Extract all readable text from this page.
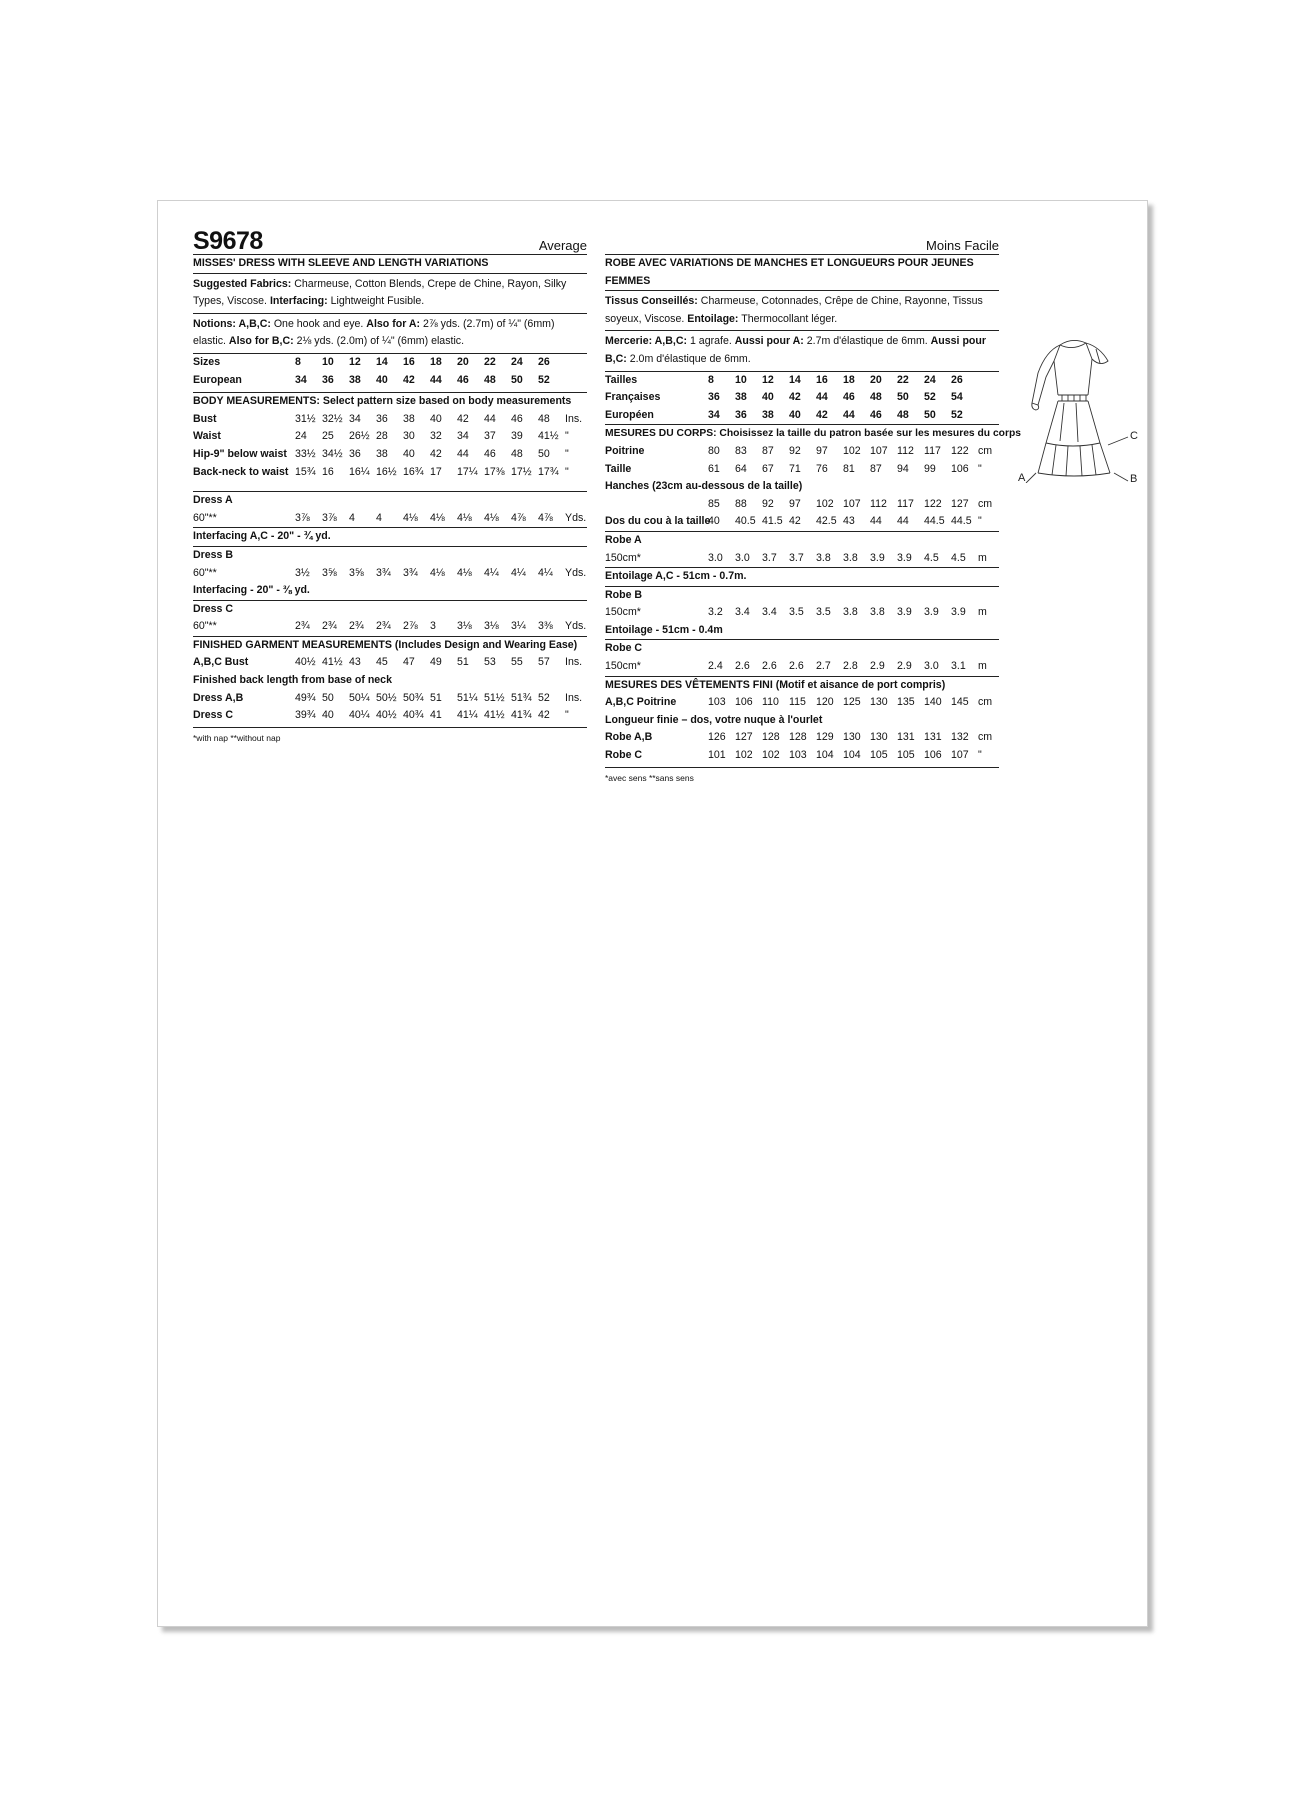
S9678	Average
MISSES' DRESS WITH SLEEVE AND LENGTH VARIATIONS
Suggested Fabrics: Charmeuse, Cotton Blends, Crepe de Chine, Rayon, Silky Types, Viscose. Interfacing: Lightweight Fusible.
Notions: A,B,C: One hook and eye. Also for A: 2⅞ yds. (2.7m) of ¼" (6mm) elastic. Also for B,C: 2⅛ yds. (2.0m) of ¼" (6mm) elastic.
Sizes	8	10	12	14	16	18	20	22	24	26
European	34	36	38	40	42	44	46	48	50	52
BODY MEASUREMENTS: Select pattern size based on body measurements
Bust	31½ 32½ 34	36	38	40	42	44	46	48	Ins.
Waist	24	25	26½ 28	30	32	34	37	39	41½ "
Hip-9" below waist 33½ 34½ 36	38	40	42	44	46	48	50	"
Back-neck to waist 15¾ 16	16¼ 16½ 16¾ 17	17¼ 17⅜ 17½ 17¾ "
Dress A
60"**	3⅞	3⅞	4	4	4⅛	4⅛	4⅛	4⅛	4⅞	4⅞	Yds.
Interfacing A,C - 20" - ¾ yd.
Dress B
60"**	3½	3⅝	3⅝	3¾	3¾	4⅛	4⅛	4¼	4¼	4¼	Yds.
Interfacing - 20" - ⅜ yd.
Dress C
60"**	2¾	2¾	2¾	2¾	2⅞	3	3⅛	3⅛	3¼	3⅜	Yds.
FINISHED GARMENT MEASUREMENTS (Includes Design and Wearing Ease)
A,B,C Bust	40½ 41½ 43	45	47	49	51	53	55	57	Ins.
Finished back length from base of neck
Dress A,B	49¾ 50	50¼ 50½ 50¾ 51	51¼ 51½ 51¾ 52	Ins.
Dress C	39¾ 40	40¼ 40½ 40¾ 41	41¼ 41½ 41¾ 42	"
*with nap **without nap
Moins Facile
ROBE AVEC VARIATIONS DE MANCHES ET LONGUEURS POUR JEUNES FEMMES
Tissus Conseillés: Charmeuse, Cotonnades, Crêpe de Chine, Rayonne, Tissus soyeux, Viscose. Entoilage: Thermocollant léger.
Mercerie: A,B,C: 1 agrafe. Aussi pour A: 2.7m d'élastique de 6mm. Aussi pour B,C: 2.0m d'élastique de 6mm.
Tailles	8	10	12	14	16	18	20	22	24	26
Françaises	36	38	40	42	44	46	48	50	52	54
Européen	34	36	38	40	42	44	46	48	50	52
MESURES DU CORPS: Choisissez la taille du patron basée sur les mesures du corps
Poitrine	80	83	87	92	97	102 107 112 117 122 cm
Taille	61	64	67	71	76	81	87	94	99	106 "
Hanches (23cm au-dessous de la taille)
85	88	92	97	102 107 112 117 122 127 cm
Dos du cou à la taille
40	40.5 41.5 42	42.5 43	44	44	44.5 44.5 "
Robe A
150cm*	3.0	3.0	3.7	3.7	3.8	3.8	3.9	3.9	4.5	4.5	m
Entoilage A,C - 51cm - 0.7m.
Robe B
150cm*	3.2	3.4	3.4	3.5	3.5	3.8	3.8	3.9	3.9	3.9	m
Entoilage - 51cm - 0.4m
Robe C
150cm*	2.4	2.6	2.6	2.6	2.7	2.8	2.9	2.9	3.0	3.1	m
MESURES DES VÊTEMENTS FINI (Motif et aisance de port compris)
A,B,C Poitrine	103 106 110 115 120 125 130 135 140 145 cm
Longueur finie – dos, votre nuque à l'ourlet
Robe A,B	126 127 128 128 129 130 130 131 131 132 cm
Robe C	101 102 102 103 104 104 105 105 106 107 "
*avec sens **sans sens
A	B
C
